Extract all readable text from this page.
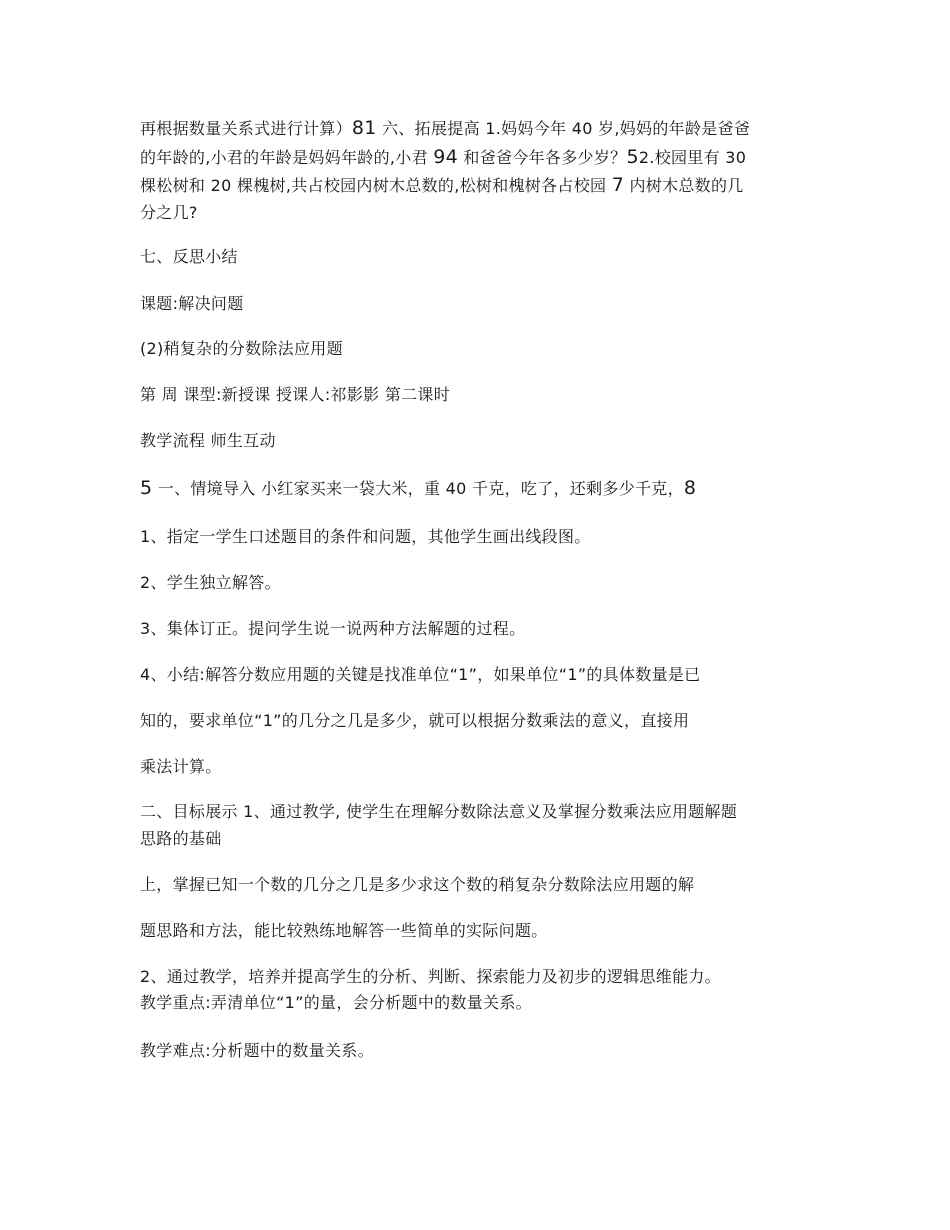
再根据数量关系式进行计算）81 六、拓展提高 1.妈妈今年 40 岁,妈妈的年龄是爸爸
的年龄的,小君的年龄是妈妈年龄的,小君 94 和爸爸今年各多少岁？52.校园里有 30
棵松树和 20 棵槐树,共占校园内树木总数的,松树和槐树各占校园 7 内树木总数的几
分之几?
七、反思小结
课题:解决问题
(2)稍复杂的分数除法应用题
第 周 课型:新授课 授课人:祁影影 第二课时
教学流程 师生互动
5 一、情境导入 小红家买来一袋大米，重 40 千克，吃了，还剩多少千克，8
1、指定一学生口述题目的条件和问题，其他学生画出线段图。
2、学生独立解答。
3、集体订正。提问学生说一说两种方法解题的过程。
4、小结:解答分数应用题的关键是找准单位“1”，如果单位“1”的具体数量是已
知的，要求单位“1”的几分之几是多少，就可以根据分数乘法的意义，直接用
乘法计算。
二、目标展示 1、通过教学, 使学生在理解分数除法意义及掌握分数乘法应用题解题
思路的基础
上，掌握已知一个数的几分之几是多少求这个数的稍复杂分数除法应用题的解
题思路和方法，能比较熟练地解答一些简单的实际问题。
2、通过教学，培养并提高学生的分析、判断、探索能力及初步的逻辑思维能力。
教学重点:弄清单位“1”的量，会分析题中的数量关系。
教学难点:分析题中的数量关系。
